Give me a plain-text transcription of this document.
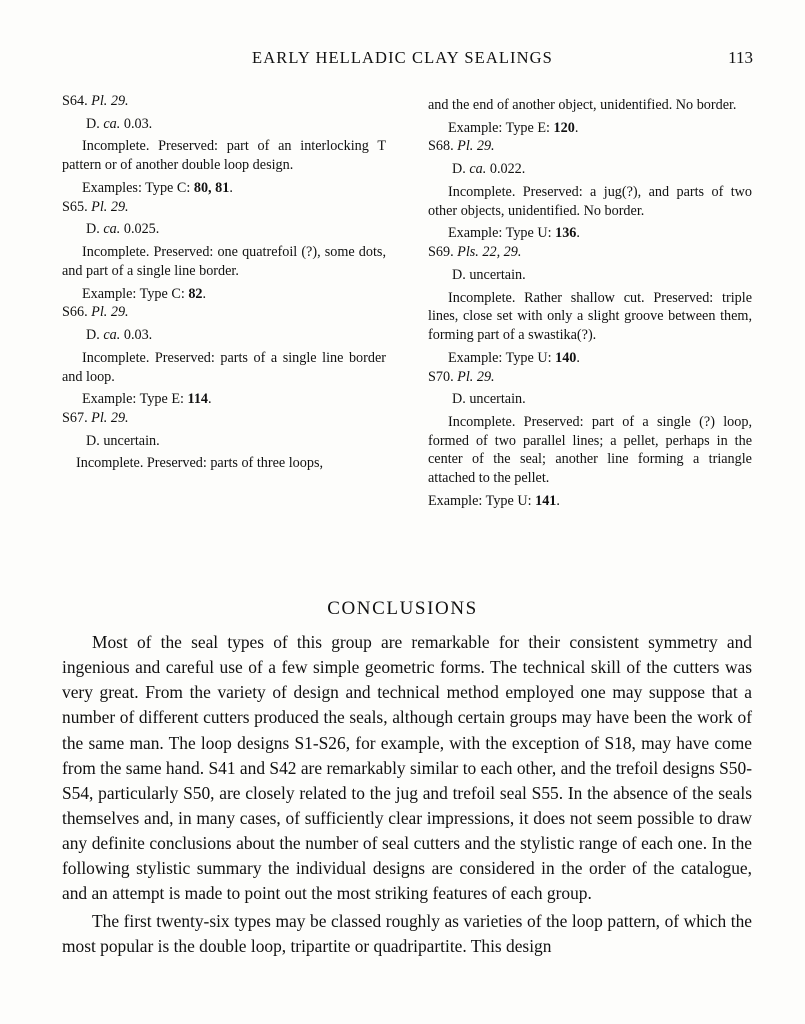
EARLY HELLADIC CLAY SEALINGS	113

S64. Pl. 29.

D. ca. 0.03.

Incomplete. Preserved: part of an interlocking T pattern or of another double loop design.

Examples: Type C: 80, 81.

S65. Pl. 29.

D. ca. 0.025.

Incomplete. Preserved: one quatrefoil (?), some dots, and part of a single line border.

Example: Type C: 82.

S66. Pl. 29.

D. ca. 0.03.

Incomplete. Preserved: parts of a single line border and loop.

Example: Type E: 114.

S67. Pl. 29.

D. uncertain.

Incomplete. Preserved: parts of three loops,

and the end of another object, unidentified. No border.

Example: Type E: 120.

S68. Pl. 29.

D. ca. 0.022.

Incomplete. Preserved: a jug(?), and parts of two other objects, unidentified. No border.

Example: Type U: 136.

S69. Pls. 22, 29.

D. uncertain.

Incomplete. Rather shallow cut. Preserved: triple lines, close set with only a slight groove between them, forming part of a swastika(?).

Example: Type U: 140.

S70. Pl. 29.

D. uncertain.

Incomplete. Preserved: part of a single (?) loop, formed of two parallel lines; a pellet, perhaps in the center of the seal; another line forming a triangle attached to the pellet.

Example: Type U: 141.

CONCLUSIONS

Most of the seal types of this group are remarkable for their consistent symmetry and ingenious and careful use of a few simple geometric forms. The technical skill of the cutters was very great. From the variety of design and technical method employed one may suppose that a number of different cutters produced the seals, although certain groups may have been the work of the same man. The loop designs S1-S26, for example, with the exception of S18, may have come from the same hand. S41 and S42 are remarkably similar to each other, and the trefoil designs S50-S54, particularly S50, are closely related to the jug and trefoil seal S55. In the absence of the seals themselves and, in many cases, of sufficiently clear impressions, it does not seem possible to draw any definite conclusions about the number of seal cutters and the stylistic range of each one. In the following stylistic summary the individual designs are considered in the order of the catalogue, and an attempt is made to point out the most striking features of each group.

The first twenty-six types may be classed roughly as varieties of the loop pattern, of which the most popular is the double loop, tripartite or quadripartite. This design
